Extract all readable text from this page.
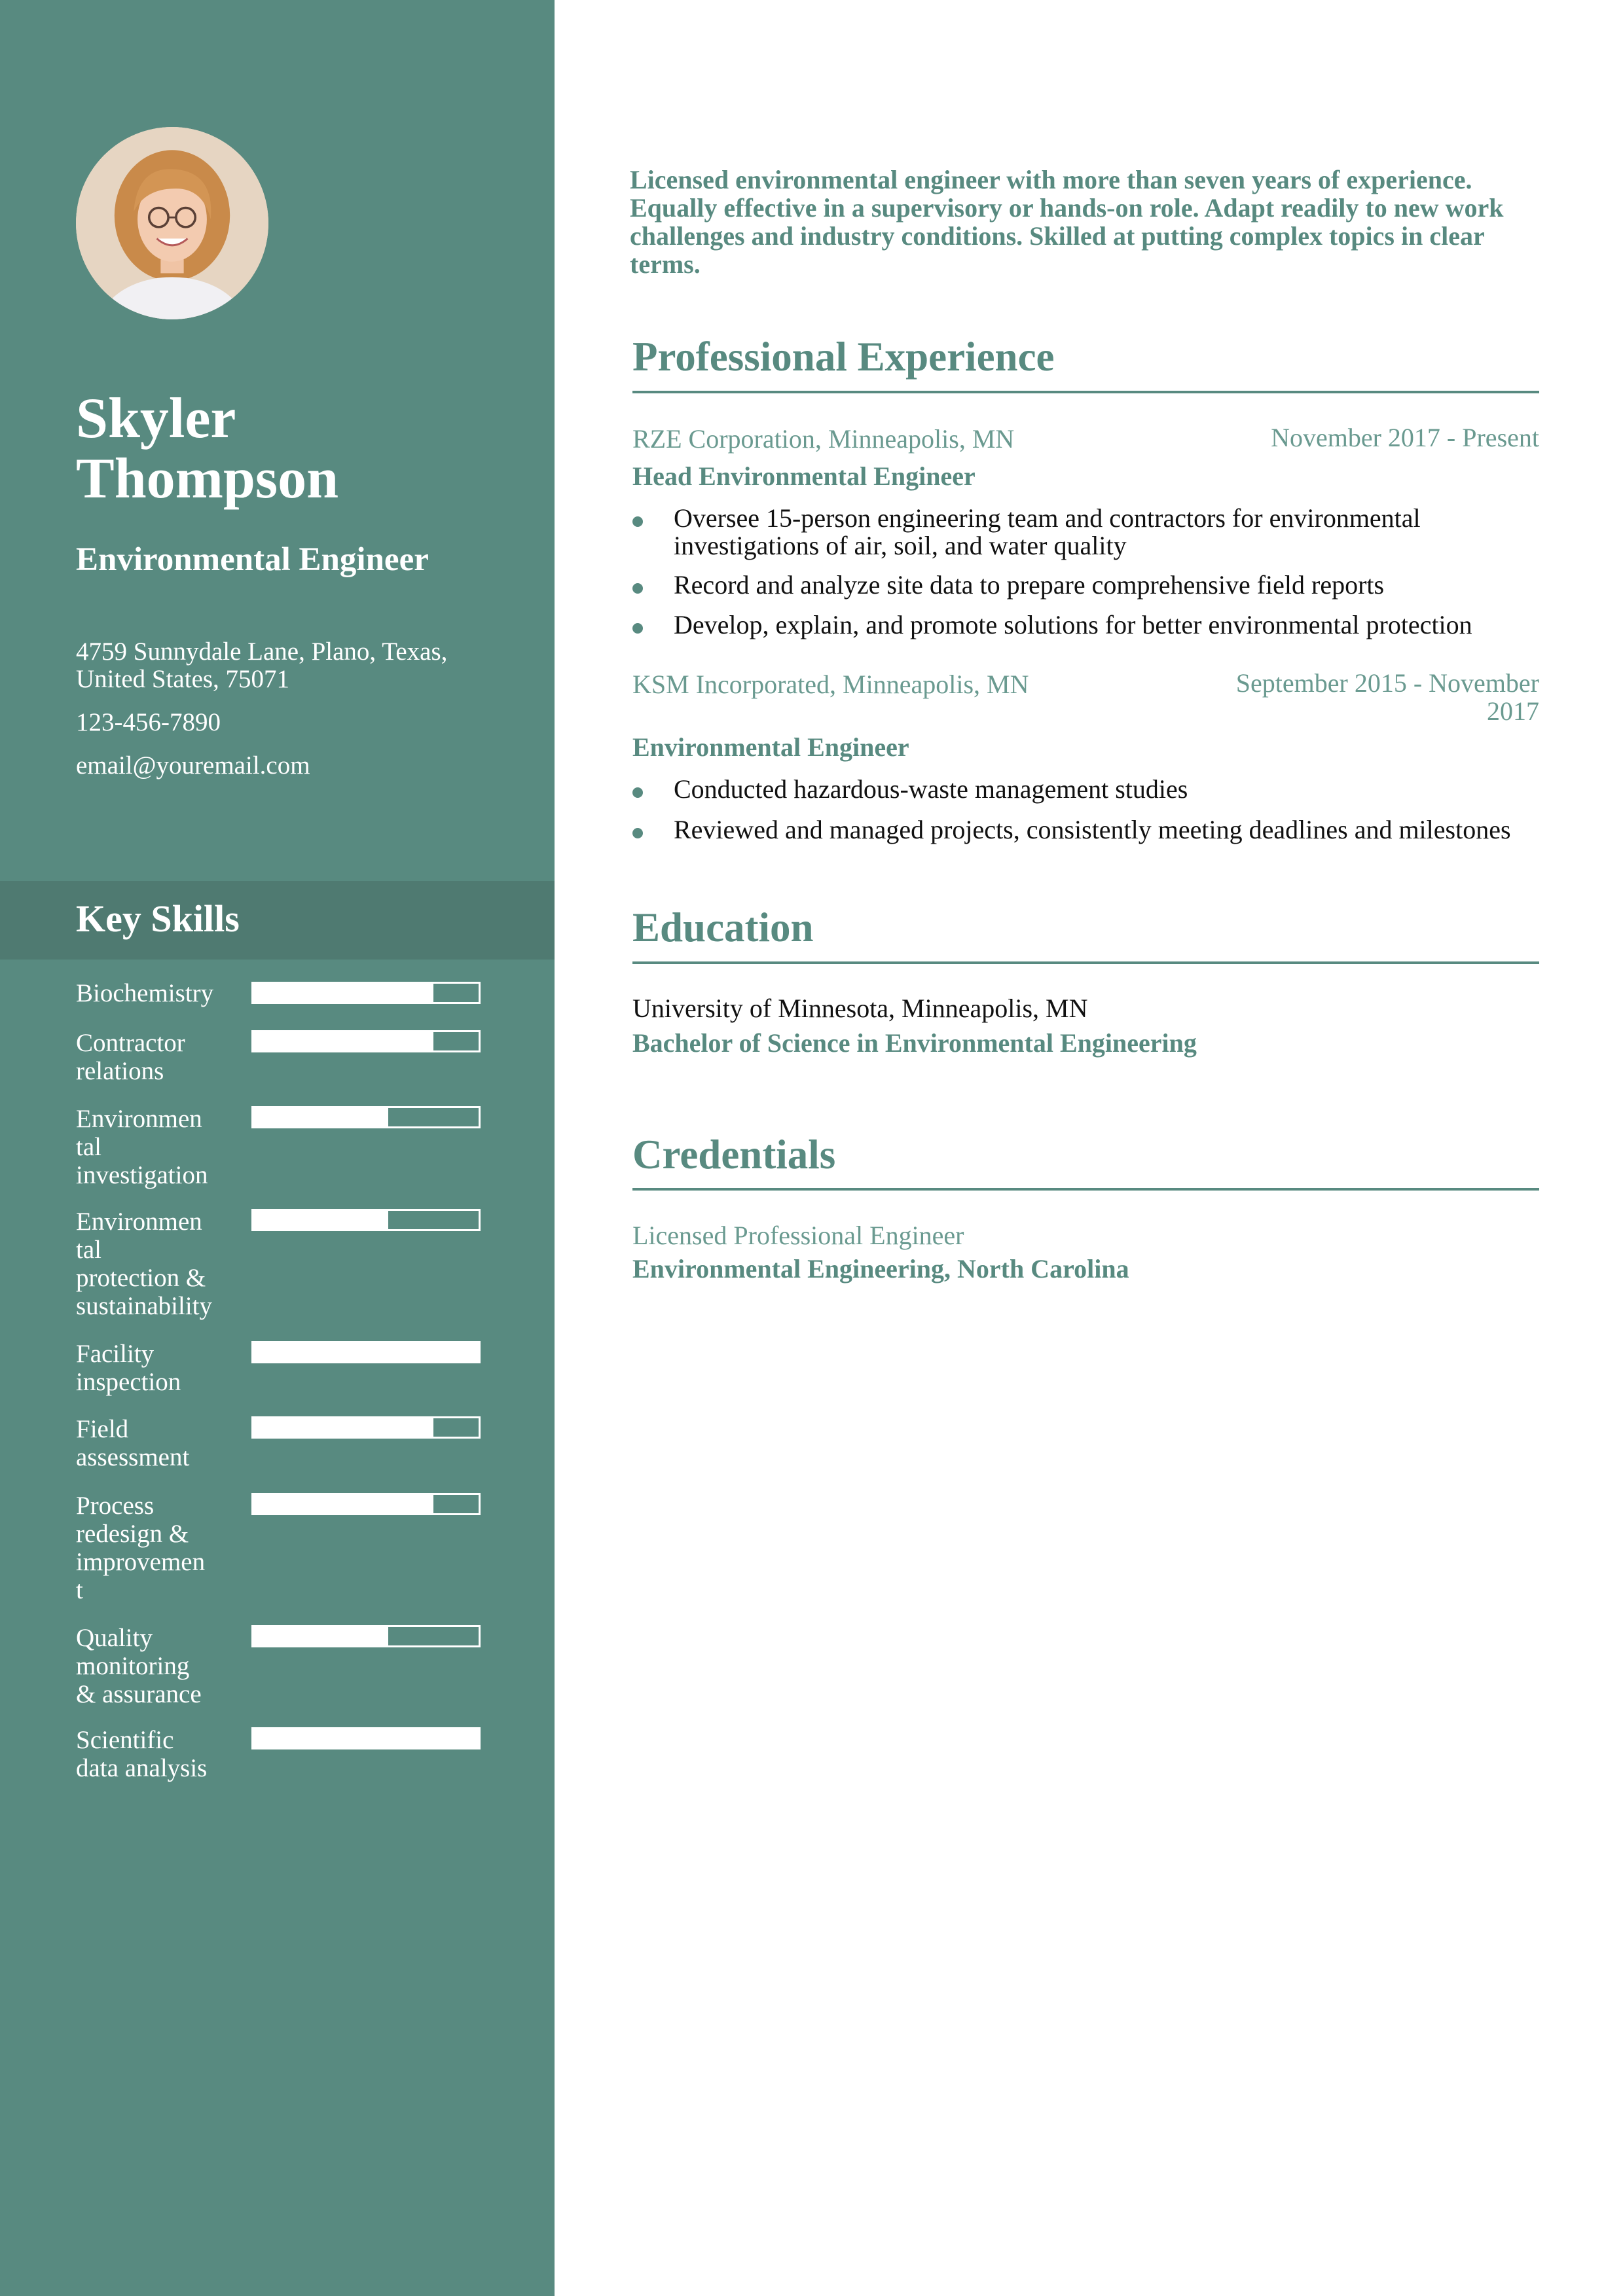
Skyler
Thompson
Environmental Engineer
4759 Sunnydale Lane, Plano, Texas,
United States, 75071
123-456-7890
email@youremail.com
Key Skills
Biochemistry
Contractor
relations
Environmen
tal
investigation
Environmen
tal
protection &
sustainability
Facility
inspection
Field
assessment
Process
redesign &
improvemen
t
Quality
monitoring
& assurance
Scientific
data analysis
Licensed environmental engineer with more than seven years of experience.
Equally effective in a supervisory or hands-on role. Adapt readily to new work
challenges and industry conditions. Skilled at putting complex topics in clear
terms.
Professional Experience
RZE Corporation, Minneapolis, MN	November 2017 - Present
Head Environmental Engineer
Oversee 15-person engineering team and contractors for environmental
investigations of air, soil, and water quality
Record and analyze site data to prepare comprehensive field reports
Develop, explain, and promote solutions for better environmental protection
KSM Incorporated, Minneapolis, MN	September 2015 - November
2017
Environmental Engineer
Conducted hazardous-waste management studies
Reviewed and managed projects, consistently meeting deadlines and milestones
Education
University of Minnesota, Minneapolis, MN
Bachelor of Science in Environmental Engineering
Credentials
Licensed Professional Engineer
Environmental Engineering, North Carolina
